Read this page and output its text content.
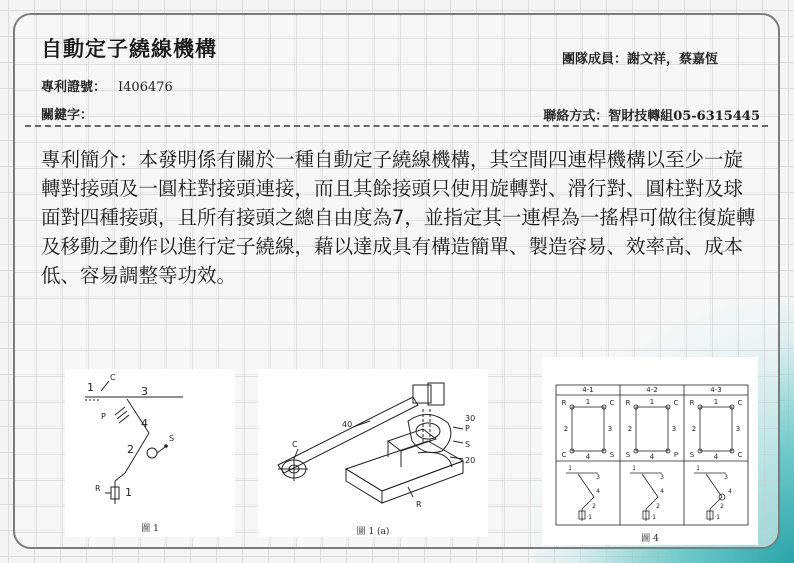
自動定子繞線機構	團隊成員：謝文祥，蔡嘉恆
專利證號： I406476
關鍵字：	聯絡方式：智財技轉組05-6315445
專利簡介：本發明係有關於一種自動定子繞線機構，其空間四連桿機構以至少一旋轉對接頭及一圓柱對接頭連接，而且其餘接頭只使用旋轉對、滑行對、圓柱對及球面對四種接頭，且所有接頭之總自由度為7，並指定其一連桿為一搖桿可做往復旋轉及移動之動作以進行定子繞線，藉以達成具有構造簡單、製造容易、效率高、成本低、容易調整等功效。
C
1	3
P
4
2
S
R 1
圖 1
40
30
P
C	S
20
R
圖 1 (a)
4-1	4-2	4-3
R	C
C	S
1
2	3
4
R	C
S	P
1
2	3
4
R	C
S	C
1
2	3
4
1
3
4
2
1
1
3
4
2
1
1
3
4
2
1
圖 4
